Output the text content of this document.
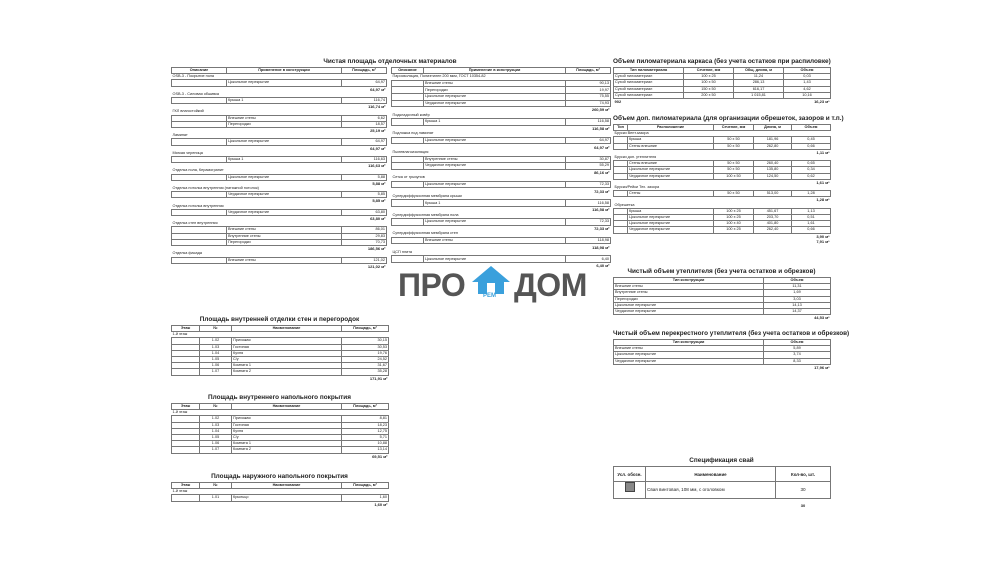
Чистая площадь отделочных материалов
Описание	Применение в конструкции	Площадь, м²
OSB-3 - Покрытие пола		
	Цокольное перекрытие	64,97
		64,97 м²
OSB-3 - Силовая обшивка		
	Крыша 1	116,74
		116,74 м²
ГКЛ влагостойкий		
	Внешние стены	6,62
	Перегородки	18,57
		25,19 м²
Ламинат		
	Цокольное перекрытие	64,97
		64,97 м²
Мягкая черепица		
	Крыша 1	116,63
		116,63 м²
Отделка пола, Керамогранит		
	Цокольное перекрытие	5,88
		5,88 м²
Отделка потолка внутренняя (натяжной потолок)		
	Чердачное перекрытие	5,85
		5,85 м²
Отделка потолка внутренняя		
	Чердачное перекрытие	63,80
		63,80 м²
Отделка стен внутренняя		
	Внешние стены	86,01
	Внутренние стены	29,83
	Перегородки	70,73
		186,56 м²
Отделка фасада		
	Внешние стены	121,02
		121,02 м²
Описание	Применение в конструкции	Площадь, м²
Пароизоляция, Полиэтилен 200 мкм, ГОСТ 10354-82		
	Внешние стены	90,13
	Перегородки	19,97
	Цокольное перекрытие	75,55
	Чердачное перекрытие	74,93
		260,59 м²
Подкладочный ковёр		
	Крыша 1	116,58
		116,58 м²
Подложка под ламинат		
	Цокольное перекрытие	64,97
		64,97 м²
Пылевлагоизоляция		
	Внутренние стены	30,87
	Чердачное перекрытие	55,29
		86,16 м²
Сетка от грызунов		
	Цокольное перекрытие	72,33
		72,33 м²
Супердиффузионная мембрана крыши		
	Крыша 1	116,58
		116,58 м²
Супердиффузионная мембрана пола		
	Цокольное перекрытие	72,33
		72,33 м²
Супердиффузионная мембрана стен		
	Внешние стены	118,98
		118,98 м²
ЦСП плита		
	Цокольное перекрытие	6,40
		6,40 м²
Объем пиломатериала каркаса (без учета остатков при распиловке)
Тип пиломатериала	Сечение, мм	Общ. длина, м	Объем
Сухой пиломатериал	100 x 25	11,24	0,03
Сухой пиломатериал	100 x 50	286,13	1,43
Сухой пиломатериал	150 x 50	616,17	4,62
Сухой пиломатериал	200 x 50	1 015,81	10,16
902			16,23 м³
Объем доп. пиломатериала (для организации обрешеток, зазоров и т.п.)
Тип	Расположение	Сечение, мм	Длина, м	Объем
Бруски Вент.зазора				
	Крыша	50 x 50	181,96	0,45
	Стены внешние	50 x 50	262,80	0,66
				1,11 м³
Бруски доп. утеплителя				
	Стены внешние	50 x 50	260,40	0,65
	Цокольное перекрытие	50 x 50	135,80	0,34
	Чердачное перекрытие	100 x 50	124,50	0,62
				1,61 м³
Бруски/Рейки Тех. зазора				
	Стены	50 x 50	513,00	1,28
				1,28 м³
Обрешетка				
	Крыша	100 x 25	451,67	1,13
	Цокольное перекрытие	100 x 25	203,70	0,51
	Цокольное перекрытие	100 x 40	401,80	1,61
	Чердачное перекрытие	100 x 25	262,40	0,66
				3,90 м³
				7,91 м³
Чистый объем утеплителя (без учета остатков и обрезков)
Тип конструкции	Объем
Внешние стены	11,31
Внутренние стены	1,69
Перегородки	3,03
Цокольное перекрытие	14,13
Чердачное перекрытие	14,37
	44,53 м³
Чистый объем перекрестного утеплителя (без учета остатков и обрезков)
Тип конструкции	Объем
Внешние стены	5,89
Цокольное перекрытие	3,74
Чердачное перекрытие	8,33
	17,96 м³
Площадь внутренней отделки стен и перегородок
Этаж	№	Наименование	Площадь, м²
1-й этаж			
	1.02	Прихожая	30,15
	1.03	Гостиная	30,53
	1.04	Кухня	19,76
	1.05	С/у	24,52
	1.06	Комната 1	31,67
	1.07	Комната 2	35,28
			171,91 м²
Площадь внутреннего напольного покрытия
Этаж	№	Наименование	Площадь, м²
1-й этаж			
	1.02	Прихожая	8,81
	1.03	Гостиная	18,23
	1.04	Кухня	12,75
	1.05	С/у	5,71
	1.06	Комната 1	10,88
	1.07	Комната 2	13,14
			69,51 м²
Площадь наружного напольного покрытия
Этаж	№	Наименование	Площадь, м²
1-й этаж			
	1.01	Крыльцо	1,60
			1,60 м²
Спецификация свай
Усл. обозн.	Наименование	Кол-во, шт.
	Свая винтовая, 108 мм, с оголовком	30
		30
ПРО ДОМ
РЕМ
